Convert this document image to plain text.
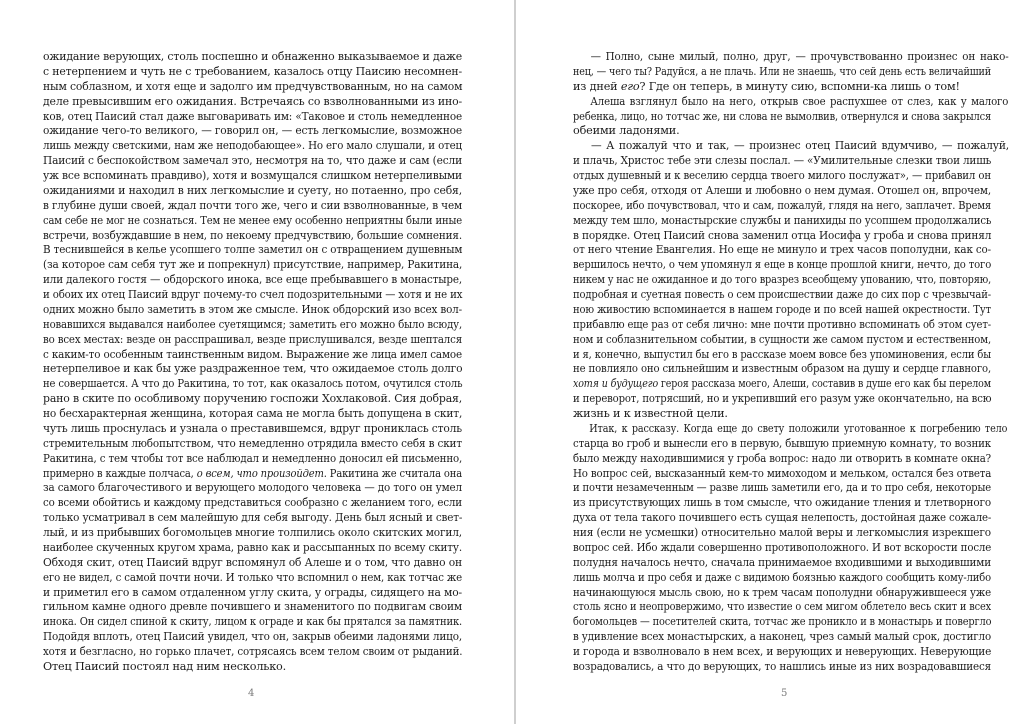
ожидание верующих, столь поспешно и обнаженно выказываемое и даже
с нетерпением и чуть не с требованием, казалось отцу Паисию несомнен-
ным соблазном, и хотя еще и задолго им предчувствованным, но на самом
деле превысившим его ожидания. Встречаясь со взволнованными из ино-
ков, отец Паисий стал даже выговаривать им: «Таковое и столь немедленное
ожидание чего-то великого, — говорил он, — есть легкомыслие, возможное
лишь между светскими, нам же неподобающее». Но его мало слушали, и отец
Паисий с беспокойством замечал это, несмотря на то, что даже и сам (если
уж все вспоминать правдиво), хотя и возмущался слишком нетерпеливыми
ожиданиями и находил в них легкомыслие и суету, но потаенно, про себя,
в глубине души своей, ждал почти того же, чего и сии взволнованные, в чем
сам себе не мог не сознаться. Тем не менее ему особенно неприятны были иные
встречи, возбуждавшие в нем, по некоему предчувствию, большие сомнения.
В теснившейся в келье усопшего толпе заметил он с отвращением душевным
(за которое сам себя тут же и попрекнул) присутствие, например, Ракитина,
или далекого гостя — обдорского инока, все еще пребывавшего в монастыре,
и обоих их отец Паисий вдруг почему-то счел подозрительными — хотя и не их
одних можно было заметить в этом же смысле. Инок обдорский изо всех вол-
новавшихся выдавался наиболее суетящимся; заметить его можно было всюду,
во всех местах: везде он расспрашивал, везде прислушивался, везде шептался
с каким-то особенным таинственным видом. Выражение же лица имел самое
нетерпеливое и как бы уже раздраженное тем, что ожидаемое столь долго
не совершается. А что до Ракитина, то тот, как оказалось потом, очутился столь
рано в ските по особливому поручению госпожи Хохлаковой. Сия добрая,
но бесхарактерная женщина, которая сама не могла быть допущена в скит,
чуть лишь проснулась и узнала о преставившемся, вдруг прониклась столь
стремительным любопытством, что немедленно отрядила вместо себя в скит
Ракитина, с тем чтобы тот все наблюдал и немедленно доносил ей письменно,
примерно в каждые полчаса, о всем, что произойдет. Ракитина же считала она
за самого благочестивого и верующего молодого человека — до того он умел
со всеми обойтись и каждому представиться сообразно с желанием того, если
только усматривал в сем малейшую для себя выгоду. День был ясный и свет-
лый, и из прибывших богомольцев многие толпились около скитских могил,
наиболее скученных кругом храма, равно как и рассыпанных по всему скиту.
Обходя скит, отец Паисий вдруг вспомянул об Алеше и о том, что давно он
его не видел, с самой почти ночи. И только что вспомнил о нем, как тотчас же
и приметил его в самом отдаленном углу скита, у ограды, сидящего на мо-
гильном камне одного древле почившего и знаменитого по подвигам своим
инока. Он сидел спиной к скиту, лицом к ограде и как бы прятался за памятник.
Подойдя вплоть, отец Паисий увидел, что он, закрыв обеими ладонями лицо,
хотя и безгласно, но горько плачет, сотрясаясь всем телом своим от рыданий.
Отец Паисий постоял над ним несколько.
4
— Полно, сыне милый, полно, друг, — прочувствованно произнес он нако-
нец, — чего ты? Радуйся, а не плачь. Или не знаешь, что сей день есть величайший
из дней его? Где он теперь, в минуту сию, вспомни-ка лишь о том!
Алеша взглянул было на него, открыв свое распухшее от слез, как у малого
ребенка, лицо, но тотчас же, ни слова не вымолвив, отвернулся и снова закрылся
обеими ладонями.
— А пожалуй что и так, — произнес отец Паисий вдумчиво, — пожалуй,
и плачь, Христос тебе эти слезы послал. — «Умилительные слезки твои лишь
отдых душевный и к веселию сердца твоего милого послужат», — прибавил он
уже про себя, отходя от Алеши и любовно о нем думая. Отошел он, впрочем,
поскорее, ибо почувствовал, что и сам, пожалуй, глядя на него, заплачет. Время
между тем шло, монастырские службы и панихиды по усопшем продолжались
в порядке. Отец Паисий снова заменил отца Иосифа у гроба и снова принял
от него чтение Евангелия. Но еще не минуло и трех часов пополудни, как со-
вершилось нечто, о чем упомянул я еще в конце прошлой книги, нечто, до того
никем у нас не ожиданное и до того вразрез всеобщему упованию, что, повторяю,
подробная и суетная повесть о сем происшествии даже до сих пор с чрезвычай-
ною живостию вспоминается в нашем городе и по всей нашей окрестности. Тут
прибавлю еще раз от себя лично: мне почти противно вспоминать об этом сует-
ном и соблазнительном событии, в сущности же самом пустом и естественном,
и я, конечно, выпустил бы его в рассказе моем вовсе без упоминовения, если бы
не повлияло оно сильнейшим и известным образом на душу и сердце главного,
хотя и будущего героя рассказа моего, Алеши, составив в душе его как бы перелом
и переворот, потрясший, но и укрепивший его разум уже окончательно, на всю
жизнь и к известной цели.
Итак, к рассказу. Когда еще до свету положили уготованное к погребению тело
старца во гроб и вынесли его в первую, бывшую приемную комнату, то возник
было между находившимися у гроба вопрос: надо ли отворить в комнате окна?
Но вопрос сей, высказанный кем-то мимоходом и мельком, остался без ответа
и почти незамеченным — разве лишь заметили его, да и то про себя, некоторые
из присутствующих лишь в том смысле, что ожидание тления и тлетворного
духа от тела такого почившего есть сущая нелепость, достойная даже сожале-
ния (если не усмешки) относительно малой веры и легкомыслия изрекшего
вопрос сей. Ибо ждали совершенно противоположного. И вот вскорости после
полудня началось нечто, сначала принимаемое входившими и выходившими
лишь молча и про себя и даже с видимою боязнью каждого сообщить кому-либо
начинающуюся мысль свою, но к трем часам пополудни обнаружившееся уже
столь ясно и неопровержимо, что известие о сем мигом облетело весь скит и всех
богомольцев — посетителей скита, тотчас же проникло и в монастырь и повергло
в удивление всех монастырских, а наконец, чрез самый малый срок, достигло
и города и взволновало в нем всех, и верующих и неверующих. Неверующие
возрадовались, а что до верующих, то нашлись иные из них возрадовавшиеся
5
